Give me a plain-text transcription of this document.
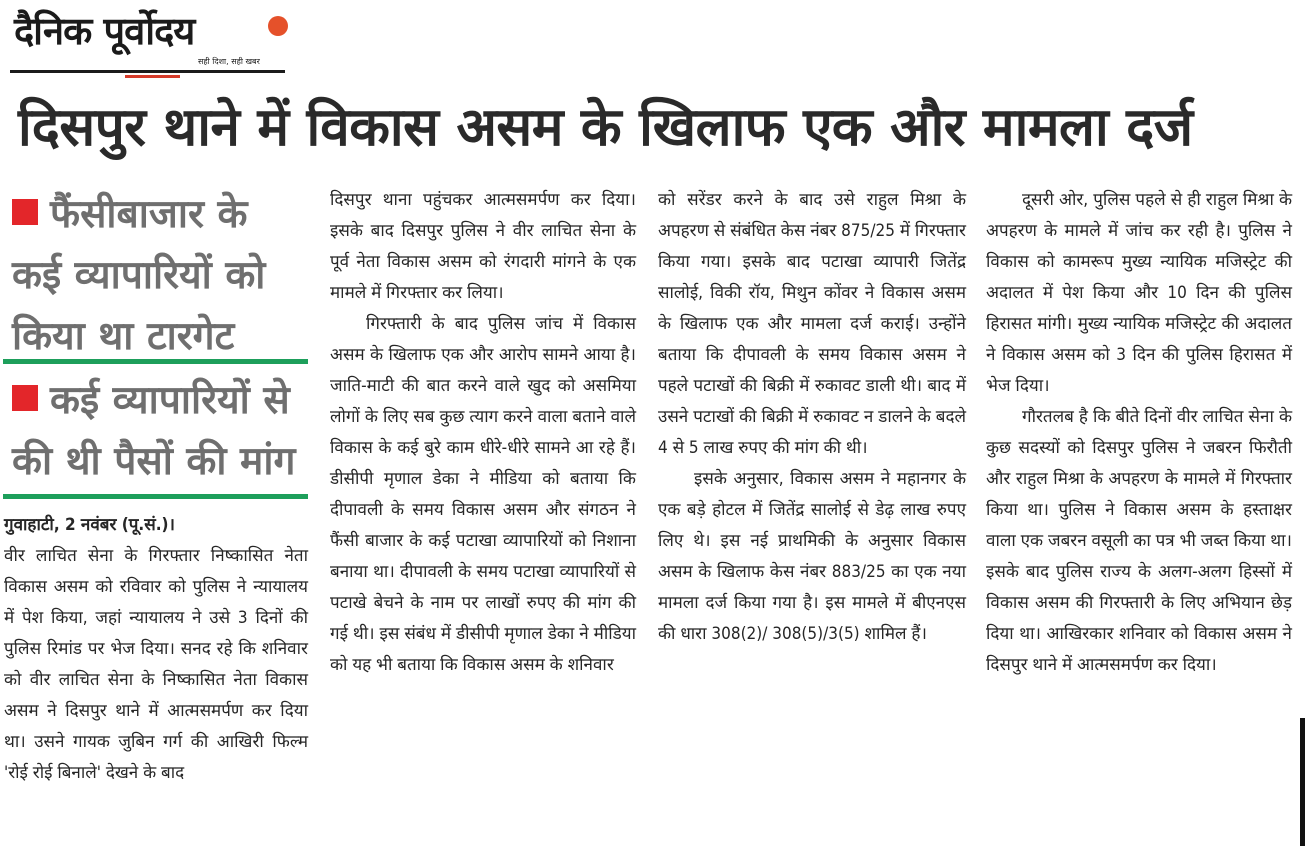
दैनिक पूर्वोदय
सही दिशा, सही खबर
दिसपुर थाने में विकास असम के खिलाफ एक और मामला दर्ज
फैंसीबाजार के कई व्यापारियों को किया था टारगेट
कई व्यापारियों से की थी पैसों की मांग

गुवाहाटी, 2 नवंबर (पू.सं.)।
वीर लाचित सेना के गिरफ्तार निष्कासित नेता विकास असम को रविवार को पुलिस ने न्यायालय में पेश किया, जहां न्यायालय ने उसे 3 दिनों की पुलिस रिमांड पर भेज दिया। सनद रहे कि शनिवार को वीर लाचित सेना के निष्कासित नेता विकास असम ने दिसपुर थाने में आत्मसमर्पण कर दिया था। उसने गायक जुबिन गर्ग की आखिरी फिल्म 'रोई रोई बिनाले' देखने के बाद

दिसपुर थाना पहुंचकर आत्मसमर्पण कर दिया। इसके बाद दिसपुर पुलिस ने वीर लाचित सेना के पूर्व नेता विकास असम को रंगदारी मांगने के एक मामले में गिरफ्तार कर लिया।

गिरफ्तारी के बाद पुलिस जांच में विकास असम के खिलाफ एक और आरोप सामने आया है। जाति-माटी की बात करने वाले खुद को असमिया लोगों के लिए सब कुछ त्याग करने वाला बताने वाले विकास के कई बुरे काम धीरे-धीरे सामने आ रहे हैं। डीसीपी मृणाल डेका ने मीडिया को बताया कि दीपावली के समय विकास असम और संगठन ने फैंसी बाजार के कई पटाखा व्यापारियों को निशाना बनाया था। दीपावली के समय पटाखा व्यापारियों से पटाखे बेचने के नाम पर लाखों रुपए की मांग की गई थी। इस संबंध में डीसीपी मृणाल डेका ने मीडिया को यह भी बताया कि विकास असम के शनिवार

को सरेंडर करने के बाद उसे राहुल मिश्रा के अपहरण से संबंधित केस नंबर 875/25 में गिरफ्तार किया गया। इसके बाद पटाखा व्यापारी जितेंद्र सालोई, विकी रॉय, मिथुन कोंवर ने विकास असम के खिलाफ एक और मामला दर्ज कराई। उन्होंने बताया कि दीपावली के समय विकास असम ने पहले पटाखों की बिक्री में रुकावट डाली थी। बाद में उसने पटाखों की बिक्री में रुकावट न डालने के बदले 4 से 5 लाख रुपए की मांग की थी।

इसके अनुसार, विकास असम ने महानगर के एक बड़े होटल में जितेंद्र सालोई से डेढ़ लाख रुपए लिए थे। इस नई प्राथमिकी के अनुसार विकास असम के खिलाफ केस नंबर 883/25 का एक नया मामला दर्ज किया गया है। इस मामले में बीएनएस की धारा 308(2)/ 308(5)/3(5) शामिल हैं।

दूसरी ओर, पुलिस पहले से ही राहुल मिश्रा के अपहरण के मामले में जांच कर रही है। पुलिस ने विकास को कामरूप मुख्य न्यायिक मजिस्ट्रेट की अदालत में पेश किया और 10 दिन की पुलिस हिरासत मांगी। मुख्य न्यायिक मजिस्ट्रेट की अदालत ने विकास असम को 3 दिन की पुलिस हिरासत में भेज दिया।

गौरतलब है कि बीते दिनों वीर लाचित सेना के कुछ सदस्यों को दिसपुर पुलिस ने जबरन फिरौती और राहुल मिश्रा के अपहरण के मामले में गिरफ्तार किया था। पुलिस ने विकास असम के हस्ताक्षर वाला एक जबरन वसूली का पत्र भी जब्त किया था। इसके बाद पुलिस राज्य के अलग-अलग हिस्सों में विकास असम की गिरफ्तारी के लिए अभियान छेड़ दिया था। आखिरकार शनिवार को विकास असम ने दिसपुर थाने में आत्मसमर्पण कर दिया।
